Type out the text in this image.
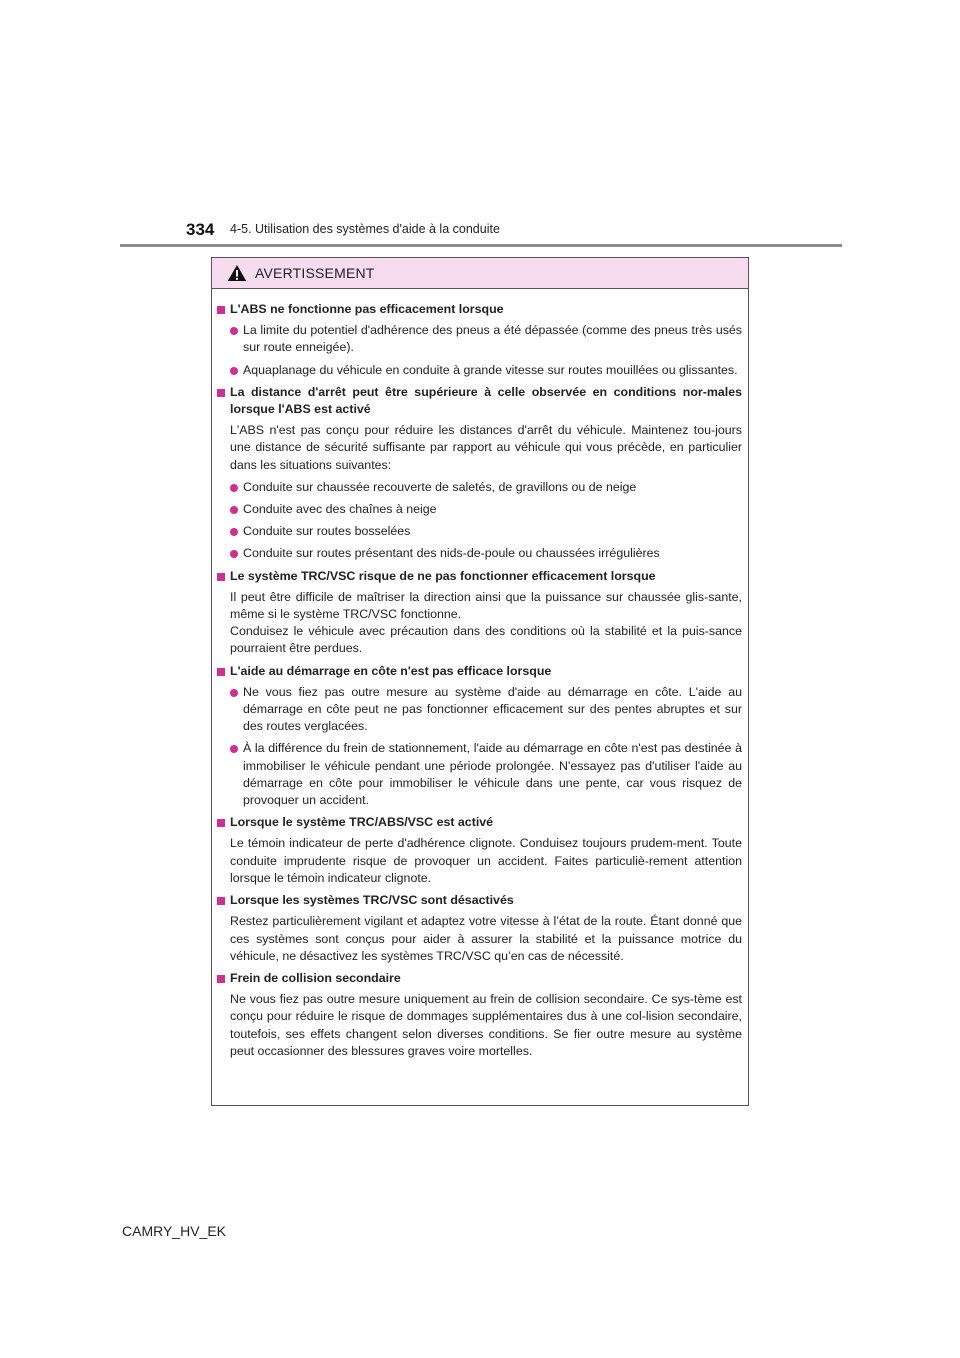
334 4-5. Utilisation des systèmes d'aide à la conduite
AVERTISSEMENT
L'ABS ne fonctionne pas efficacement lorsque
La limite du potentiel d'adhérence des pneus a été dépassée (comme des pneus très usés sur route enneigée).
Aquaplanage du véhicule en conduite à grande vitesse sur routes mouillées ou glissantes.
La distance d'arrêt peut être supérieure à celle observée en conditions nor-males lorsque l'ABS est activé
L'ABS n'est pas conçu pour réduire les distances d'arrêt du véhicule. Maintenez tou-jours une distance de sécurité suffisante par rapport au véhicule qui vous précède, en particulier dans les situations suivantes:
Conduite sur chaussée recouverte de saletés, de gravillons ou de neige
Conduite avec des chaînes à neige
Conduite sur routes bosselées
Conduite sur routes présentant des nids-de-poule ou chaussées irrégulières
Le système TRC/VSC risque de ne pas fonctionner efficacement lorsque
Il peut être difficile de maîtriser la direction ainsi que la puissance sur chaussée glis-sante, même si le système TRC/VSC fonctionne.
Conduisez le véhicule avec précaution dans des conditions où la stabilité et la puis-sance pourraient être perdues.
L'aide au démarrage en côte n'est pas efficace lorsque
Ne vous fiez pas outre mesure au système d'aide au démarrage en côte. L'aide au démarrage en côte peut ne pas fonctionner efficacement sur des pentes abruptes et sur des routes verglacées.
À la différence du frein de stationnement, l'aide au démarrage en côte n'est pas destinée à immobiliser le véhicule pendant une période prolongée. N'essayez pas d'utiliser l'aide au démarrage en côte pour immobiliser le véhicule dans une pente, car vous risquez de provoquer un accident.
Lorsque le système TRC/ABS/VSC est activé
Le témoin indicateur de perte d'adhérence clignote. Conduisez toujours prudem-ment. Toute conduite imprudente risque de provoquer un accident. Faites particuliè-rement attention lorsque le témoin indicateur clignote.
Lorsque les systèmes TRC/VSC sont désactivés
Restez particulièrement vigilant et adaptez votre vitesse à l’état de la route. Étant donné que ces systèmes sont conçus pour aider à assurer la stabilité et la puissance motrice du véhicule, ne désactivez les systèmes TRC/VSC qu’en cas de nécessité.
Frein de collision secondaire
Ne vous fiez pas outre mesure uniquement au frein de collision secondaire. Ce sys-tème est conçu pour réduire le risque de dommages supplémentaires dus à une col-lision secondaire, toutefois, ses effets changent selon diverses conditions. Se fier outre mesure au système peut occasionner des blessures graves voire mortelles.
CAMRY_HV_EK
